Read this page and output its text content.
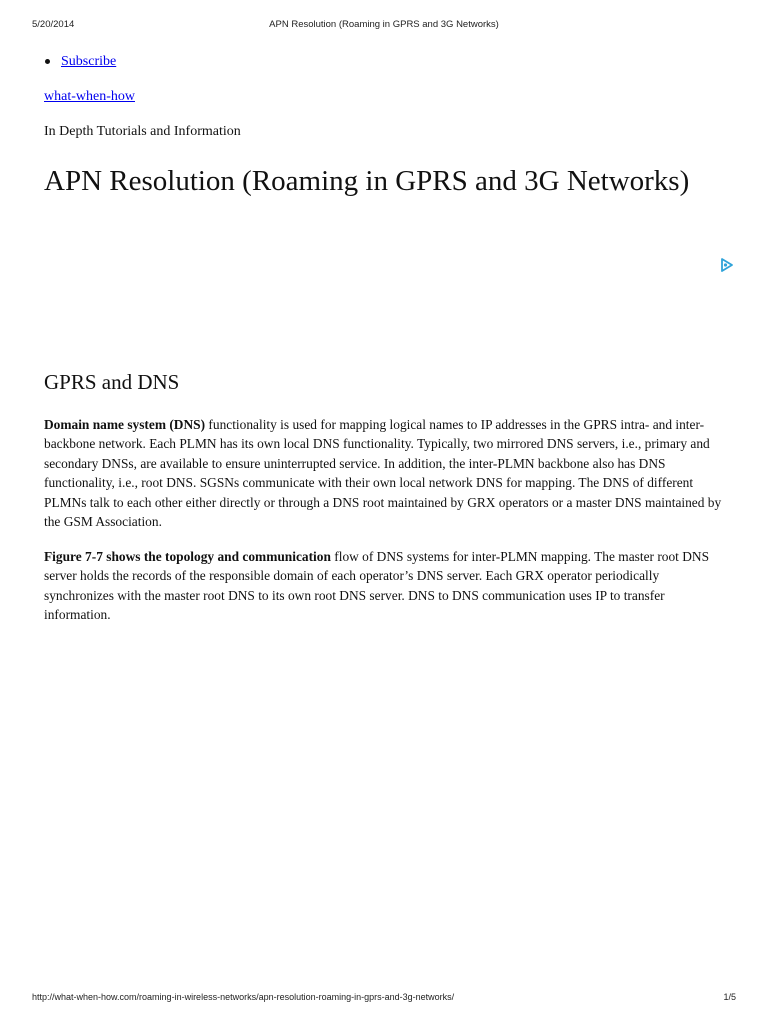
5/20/2014	APN Resolution (Roaming in GPRS and 3G Networks)
Subscribe
what-when-how
In Depth Tutorials and Information
APN Resolution (Roaming in GPRS and 3G Networks)
GPRS and DNS

Domain name system (DNS) functionality is used for mapping logical names to IP addresses in the GPRS intra- and inter-backbone network. Each PLMN has its own local DNS functionality. Typically, two mirrored DNS servers, i.e., primary and secondary DNSs, are available to ensure uninterrupted service. In addition, the inter-PLMN backbone also has DNS functionality, i.e., root DNS. SGSNs communicate with their own local network DNS for mapping. The DNS of different PLMNs talk to each other either directly or through a DNS root maintained by GRX operators or a master DNS maintained by the GSM Association.

Figure 7-7 shows the topology and communication flow of DNS systems for inter-PLMN mapping. The master root DNS server holds the records of the responsible domain of each operator’s DNS server. Each GRX operator periodically synchronizes with the master root DNS to its own root DNS server. DNS to DNS communication uses IP to transfer information.

http://what-when-how.com/roaming-in-wireless-networks/apn-resolution-roaming-in-gprs-and-3g-networks/	1/5
